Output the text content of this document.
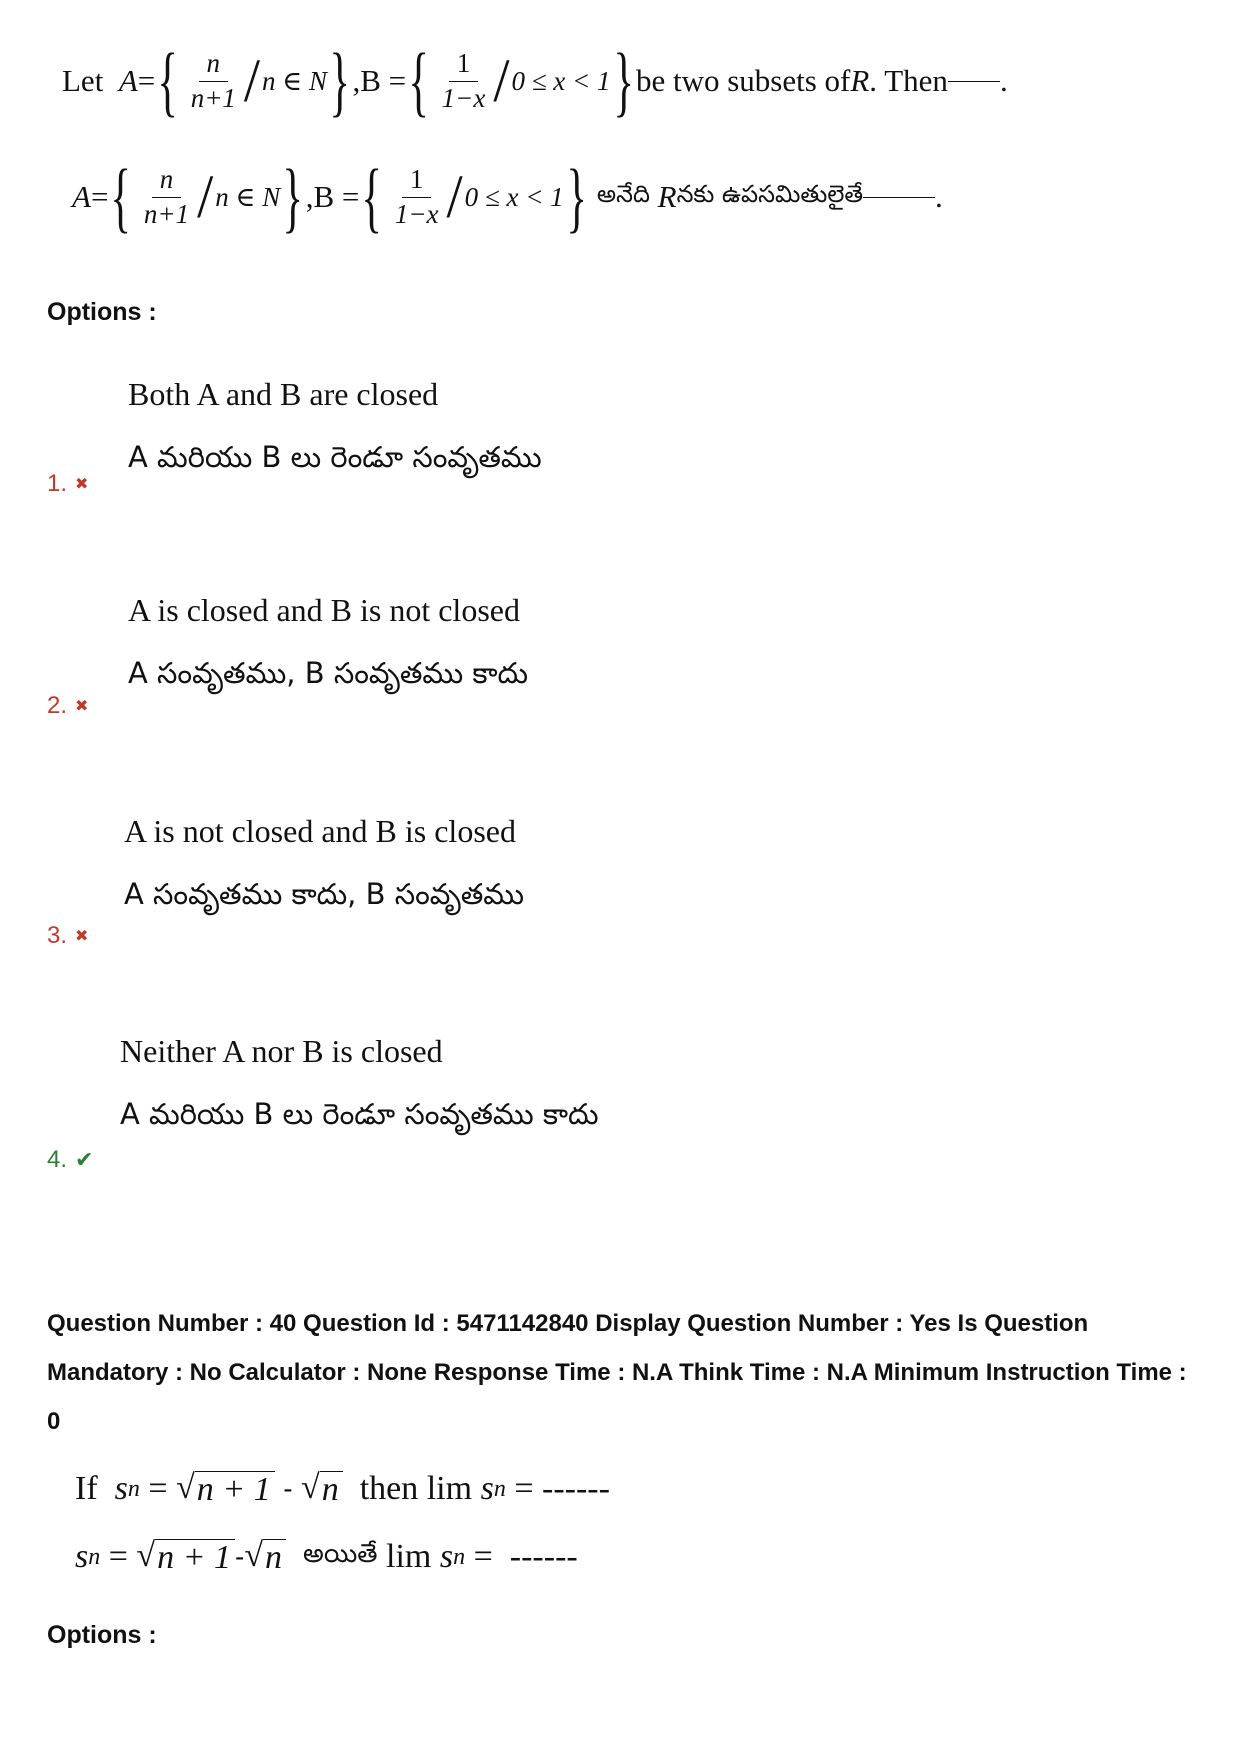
Let
A = { $\frac{n}{n+1}$ / n ∈ N } ,B = { $\frac{1}{1-x} / 0 \le x < 1$ } be two subsets of R . Then .
A = { $\frac{n}{n+1}$ / n ∈ N } ,B = { $\frac{1}{1-x} / 0 \le x < 1$ }
అనేది
R నకు ఉపసమితులైతే .
Options :
Both A and B are closed
A మరియు B లు రెండూ సంవృతము
1. ✖
A is closed and B is not closed
A సంవృతము, B సంవృతము కాదు
2. ✖
A is not closed and B is closed
A సంవృతము కాదు, B సంవృతము
3. ✖
Neither A nor B is closed
A మరియు B లు రెండూ సంవృతము కాదు
4. ✔
Question Number : 40 Question Id : 5471142840 Display Question Number : Yes Is Question Mandatory : No Calculator : None Response Time : N.A Think Time : N.A Minimum Instruction Time : 0
If
s n
=
√ n + 1
-
√ n
then lim
s n
=
------
s n
=
√ n + 1 - √ n
అయితే
lim
s n
=
------
Options :
